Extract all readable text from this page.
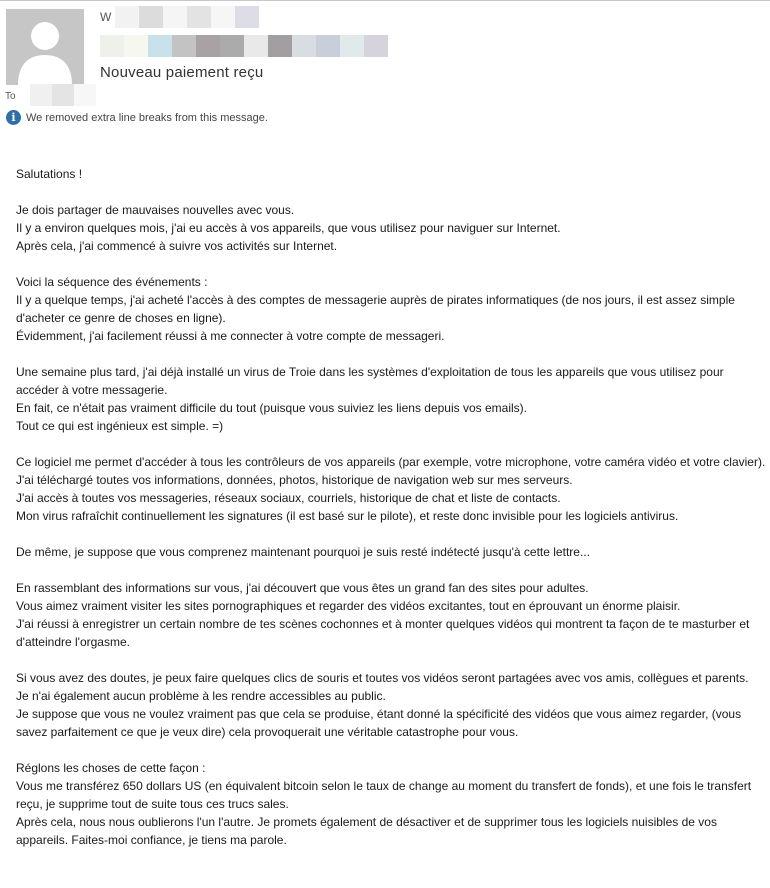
W
Nouveau paiement reçu
To
i We removed extra line breaks from this message.

Salutations !

Je dois partager de mauvaises nouvelles avec vous.
Il y a environ quelques mois, j'ai eu accès à vos appareils, que vous utilisez pour naviguer sur Internet.
Après cela, j'ai commencé à suivre vos activités sur Internet.

Voici la séquence des événements :
Il y a quelque temps, j'ai acheté l'accès à des comptes de messagerie auprès de pirates informatiques (de nos jours, il est assez simple d'acheter ce genre de choses en ligne).
Évidemment, j'ai facilement réussi à me connecter à votre compte de messageri.

Une semaine plus tard, j'ai déjà installé un virus de Troie dans les systèmes d'exploitation de tous les appareils que vous utilisez pour accéder à votre messagerie.
En fait, ce n'était pas vraiment difficile du tout (puisque vous suiviez les liens depuis vos emails).
Tout ce qui est ingénieux est simple. =)

Ce logiciel me permet d'accéder à tous les contrôleurs de vos appareils (par exemple, votre microphone, votre caméra vidéo et votre clavier).
J'ai téléchargé toutes vos informations, données, photos, historique de navigation web sur mes serveurs.
J'ai accès à toutes vos messageries, réseaux sociaux, courriels, historique de chat et liste de contacts.
Mon virus rafraîchit continuellement les signatures (il est basé sur le pilote), et reste donc invisible pour les logiciels antivirus.

De même, je suppose que vous comprenez maintenant pourquoi je suis resté indétecté jusqu'à cette lettre...

En rassemblant des informations sur vous, j'ai découvert que vous êtes un grand fan des sites pour adultes.
Vous aimez vraiment visiter les sites pornographiques et regarder des vidéos excitantes, tout en éprouvant un énorme plaisir.
J'ai réussi à enregistrer un certain nombre de tes scènes cochonnes et à monter quelques vidéos qui montrent ta façon de te masturber et d'atteindre l'orgasme.

Si vous avez des doutes, je peux faire quelques clics de souris et toutes vos vidéos seront partagées avec vos amis, collègues et parents.
Je n'ai également aucun problème à les rendre accessibles au public.
Je suppose que vous ne voulez vraiment pas que cela se produise, étant donné la spécificité des vidéos que vous aimez regarder, (vous savez parfaitement ce que je veux dire) cela provoquerait une véritable catastrophe pour vous.

Réglons les choses de cette façon :
Vous me transférez 650 dollars US (en équivalent bitcoin selon le taux de change au moment du transfert de fonds), et une fois le transfert reçu, je supprime tout de suite tous ces trucs sales.
Après cela, nous nous oublierons l'un l'autre. Je promets également de désactiver et de supprimer tous les logiciels nuisibles de vos appareils. Faites-moi confiance, je tiens ma parole.
